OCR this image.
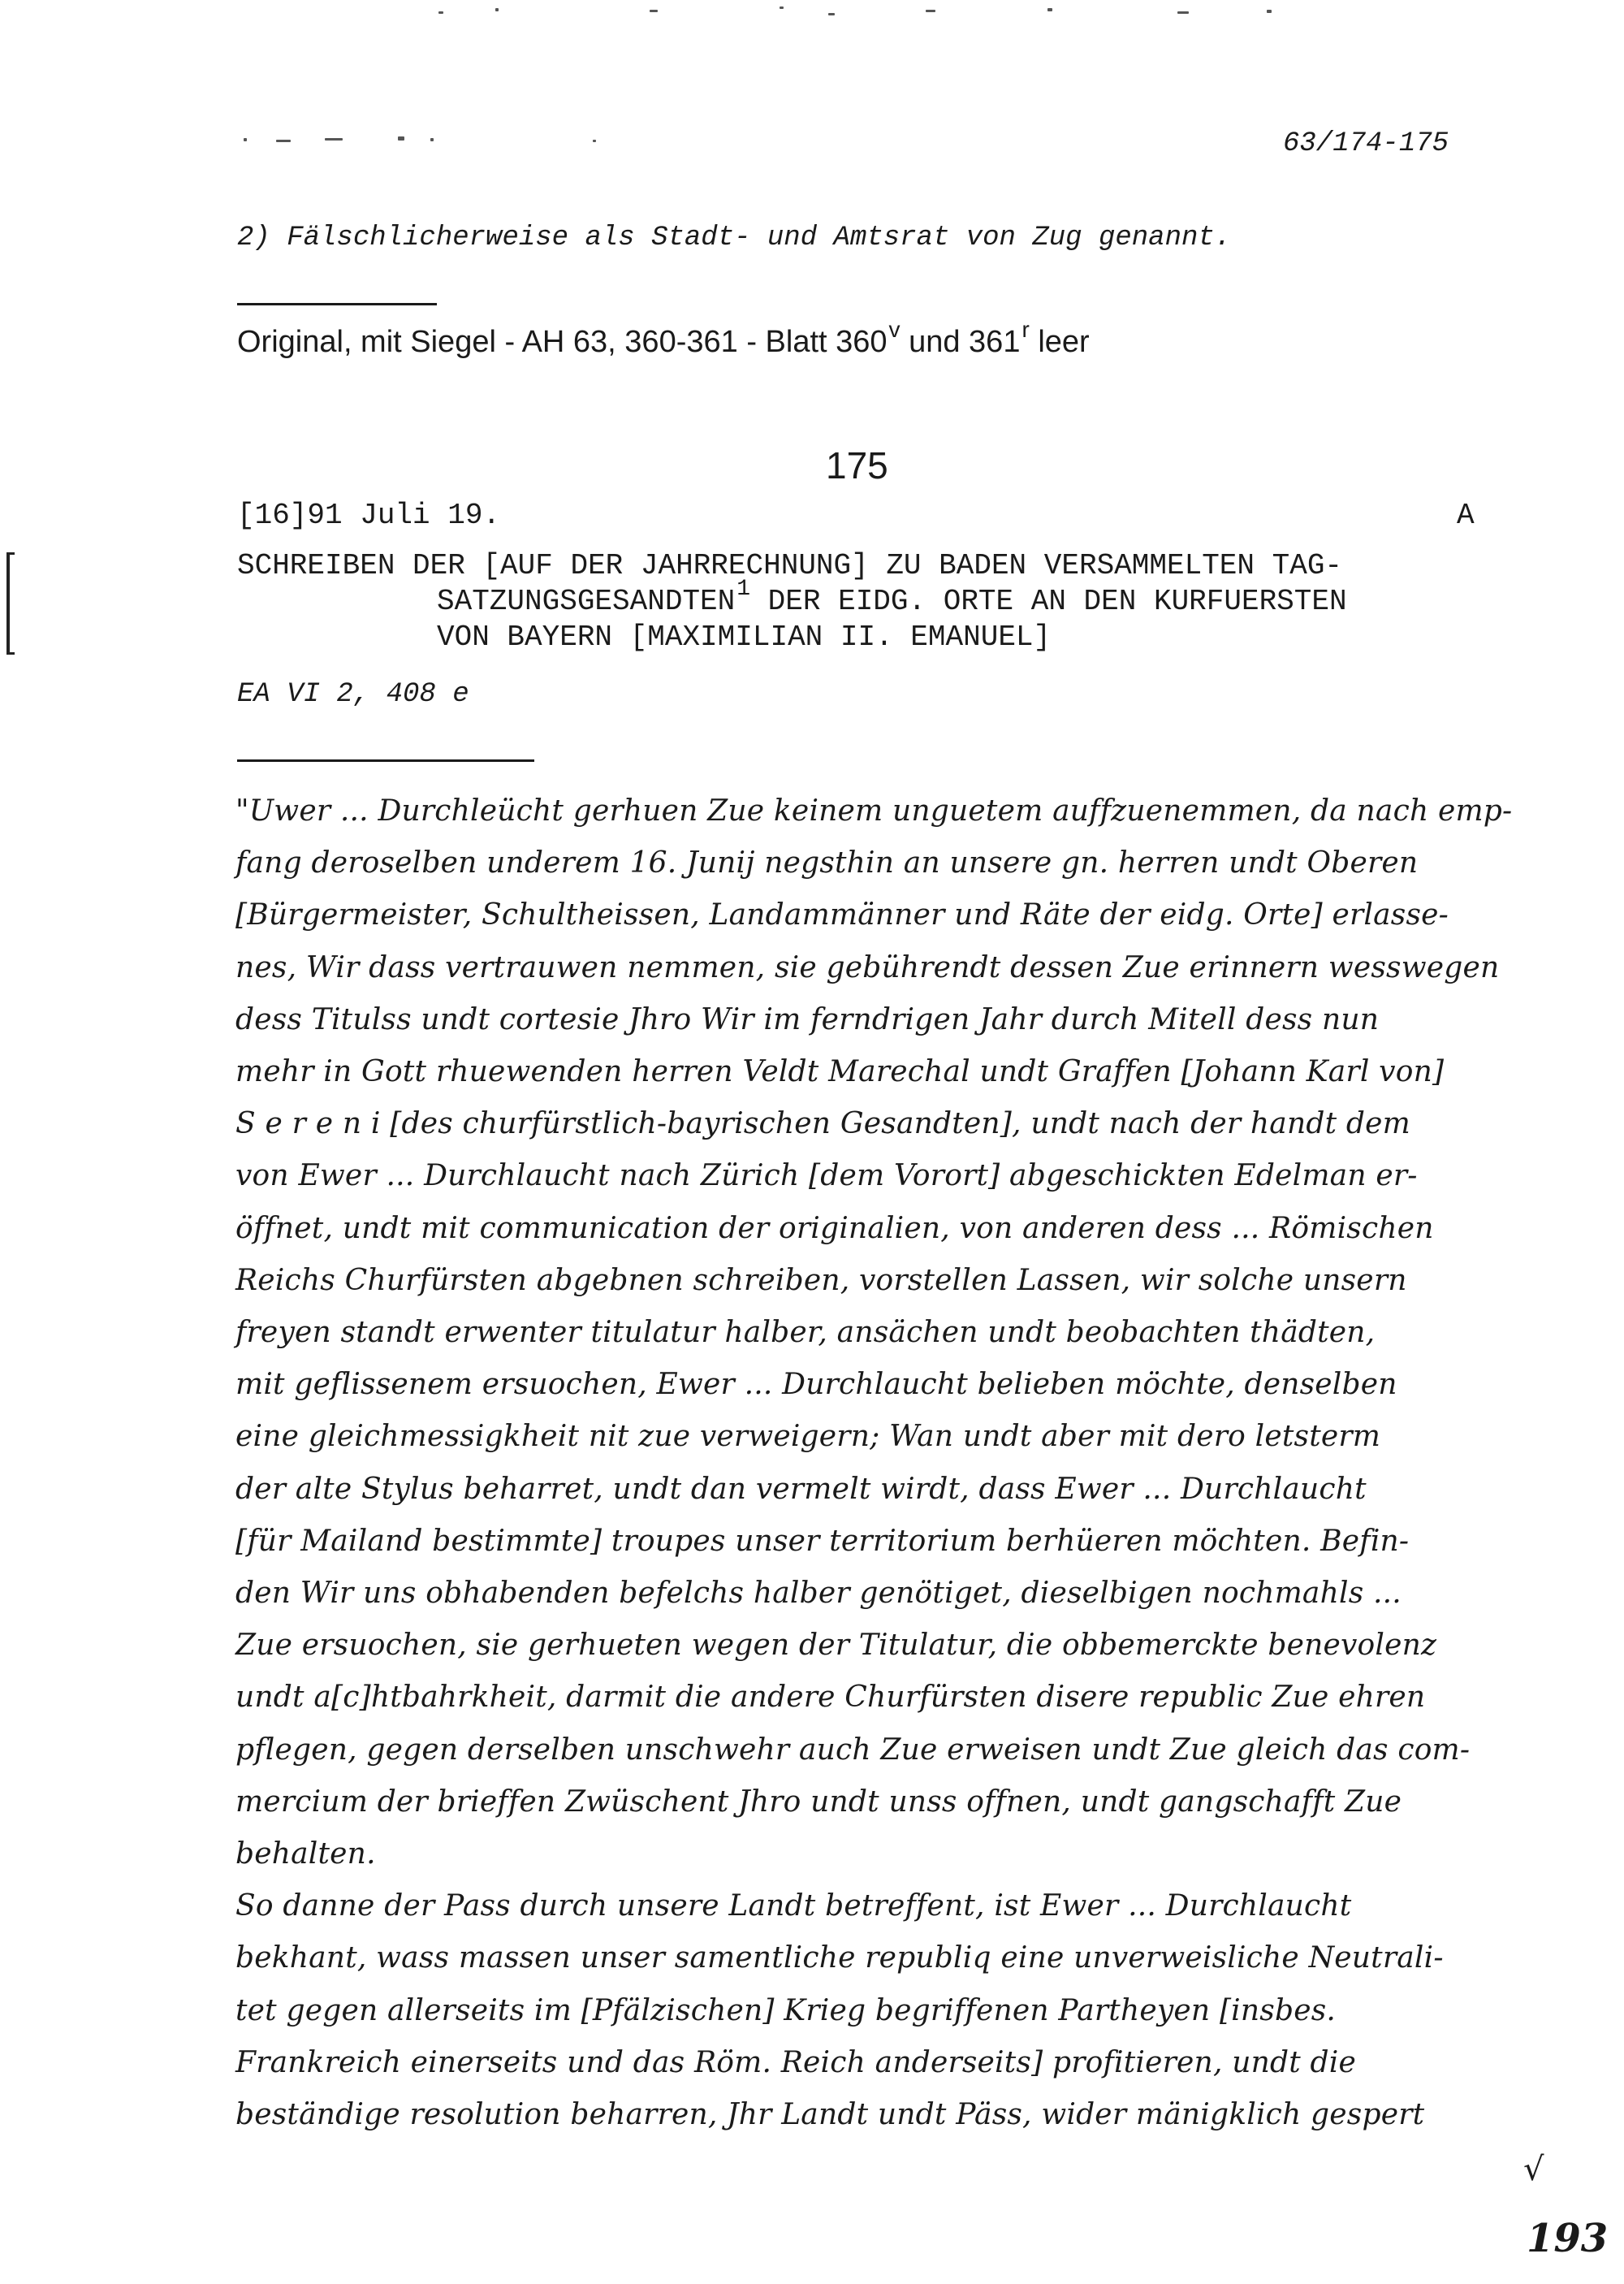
63/174-175
2) Fälschlicherweise als Stadt- und Amtsrat von Zug genannt.
Original, mit Siegel - AH 63, 360-361 - Blatt 360$^v$ und 361$^r$ leer
175
[16]91 Juli 19.	A
SCHREIBEN DER [AUF DER JAHRRECHNUNG] ZU BADEN VERSAMMELTEN TAG-
SATZUNGSGESANDTEN$^1$ DER EIDG. ORTE AN DEN KURFUERSTEN
VON BAYERN [MAXIMILIAN II. EMANUEL]
EA VI 2, 408 e
"Uwer ... Durchleücht gerhuen Zue keinem unguetem auffzuenemmen, da nach emp-
fang deroselben underem 16. Junij negsthin an unsere gn. herren undt Oberen
[Bürgermeister, Schultheissen, Landammänner und Räte der eidg. Orte] erlasse-
nes, Wir dass vertrauwen nemmen, sie gebührendt dessen Zue erinnern wesswegen
dess Titulss undt cortesie Jhro Wir im ferndrigen Jahr durch Mitell dess nun
mehr in Gott rhuewenden herren Veldt Marechal undt Graffen [Johann Karl von]
S e r e n i [des churfürstlich-bayrischen Gesandten], undt nach der handt dem
von Ewer ... Durchlaucht nach Zürich [dem Vorort] abgeschickten Edelman er-
öffnet, undt mit communication der originalien, von anderen dess ... Römischen
Reichs Churfürsten abgebnen schreiben, vorstellen Lassen, wir solche unsern
freyen standt erwenter titulatur halber, ansächen undt beobachten thädten,
mit geflissenem ersuochen, Ewer ... Durchlaucht belieben möchte, denselben
eine gleichmessigkheit nit zue verweigern; Wan undt aber mit dero letsterm
der alte Stylus beharret, undt dan vermelt wirdt, dass Ewer ... Durchlaucht
[für Mailand bestimmte] troupes unser territorium berhüeren möchten. Befin-
den Wir uns obhabenden befelchs halber genötiget, dieselbigen nochmahls ...
Zue ersuochen, sie gerhueten wegen der Titulatur, die obbemerckte benevolenz
undt a[c]htbahrkheit, darmit die andere Churfürsten disere republic Zue ehren
pflegen, gegen derselben unschwehr auch Zue erweisen undt Zue gleich das com-
mercium der brieffen Zwüschent Jhro undt unss offnen, undt gangschafft Zue
behalten.
So danne der Pass durch unsere Landt betreffent, ist Ewer ... Durchlaucht
bekhant, wass massen unser samentliche republiq eine unverweisliche Neutrali-
tet gegen allerseits im [Pfälzischen] Krieg begriffenen Partheyen [insbes.
Frankreich einerseits und das Röm. Reich anderseits] profitieren, undt die
beständige resolution beharren, Jhr Landt undt Päss, wider mänigklich gespert
√
193
